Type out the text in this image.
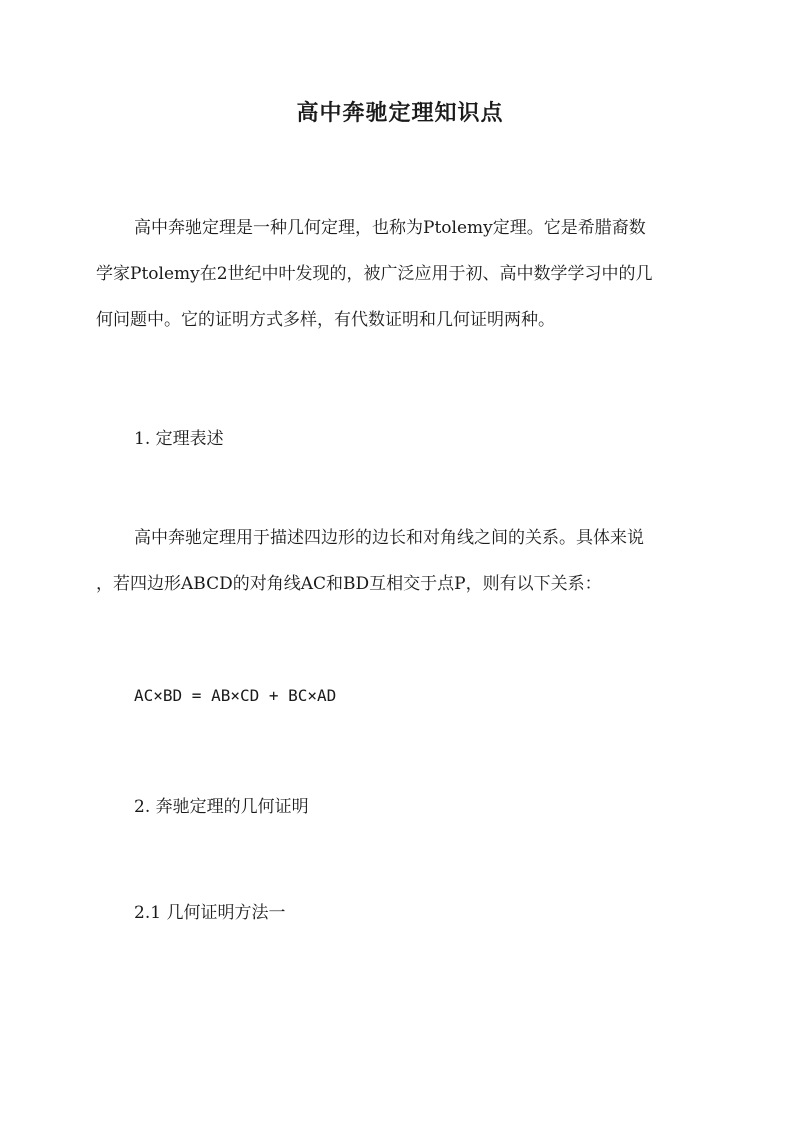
高中奔驰定理知识点
高中奔驰定理是一种几何定理，也称为Ptolemy定理。它是希腊裔数
学家Ptolemy在2世纪中叶发现的，被广泛应用于初、高中数学学习中的几
何问题中。它的证明方式多样，有代数证明和几何证明两种。

1. 定理表述

高中奔驰定理用于描述四边形的边长和对角线之间的关系。具体来说
，若四边形ABCD的对角线AC和BD互相交于点P，则有以下关系：

AC×BD = AB×CD + BC×AD

2. 奔驰定理的几何证明

2.1 几何证明方法一
